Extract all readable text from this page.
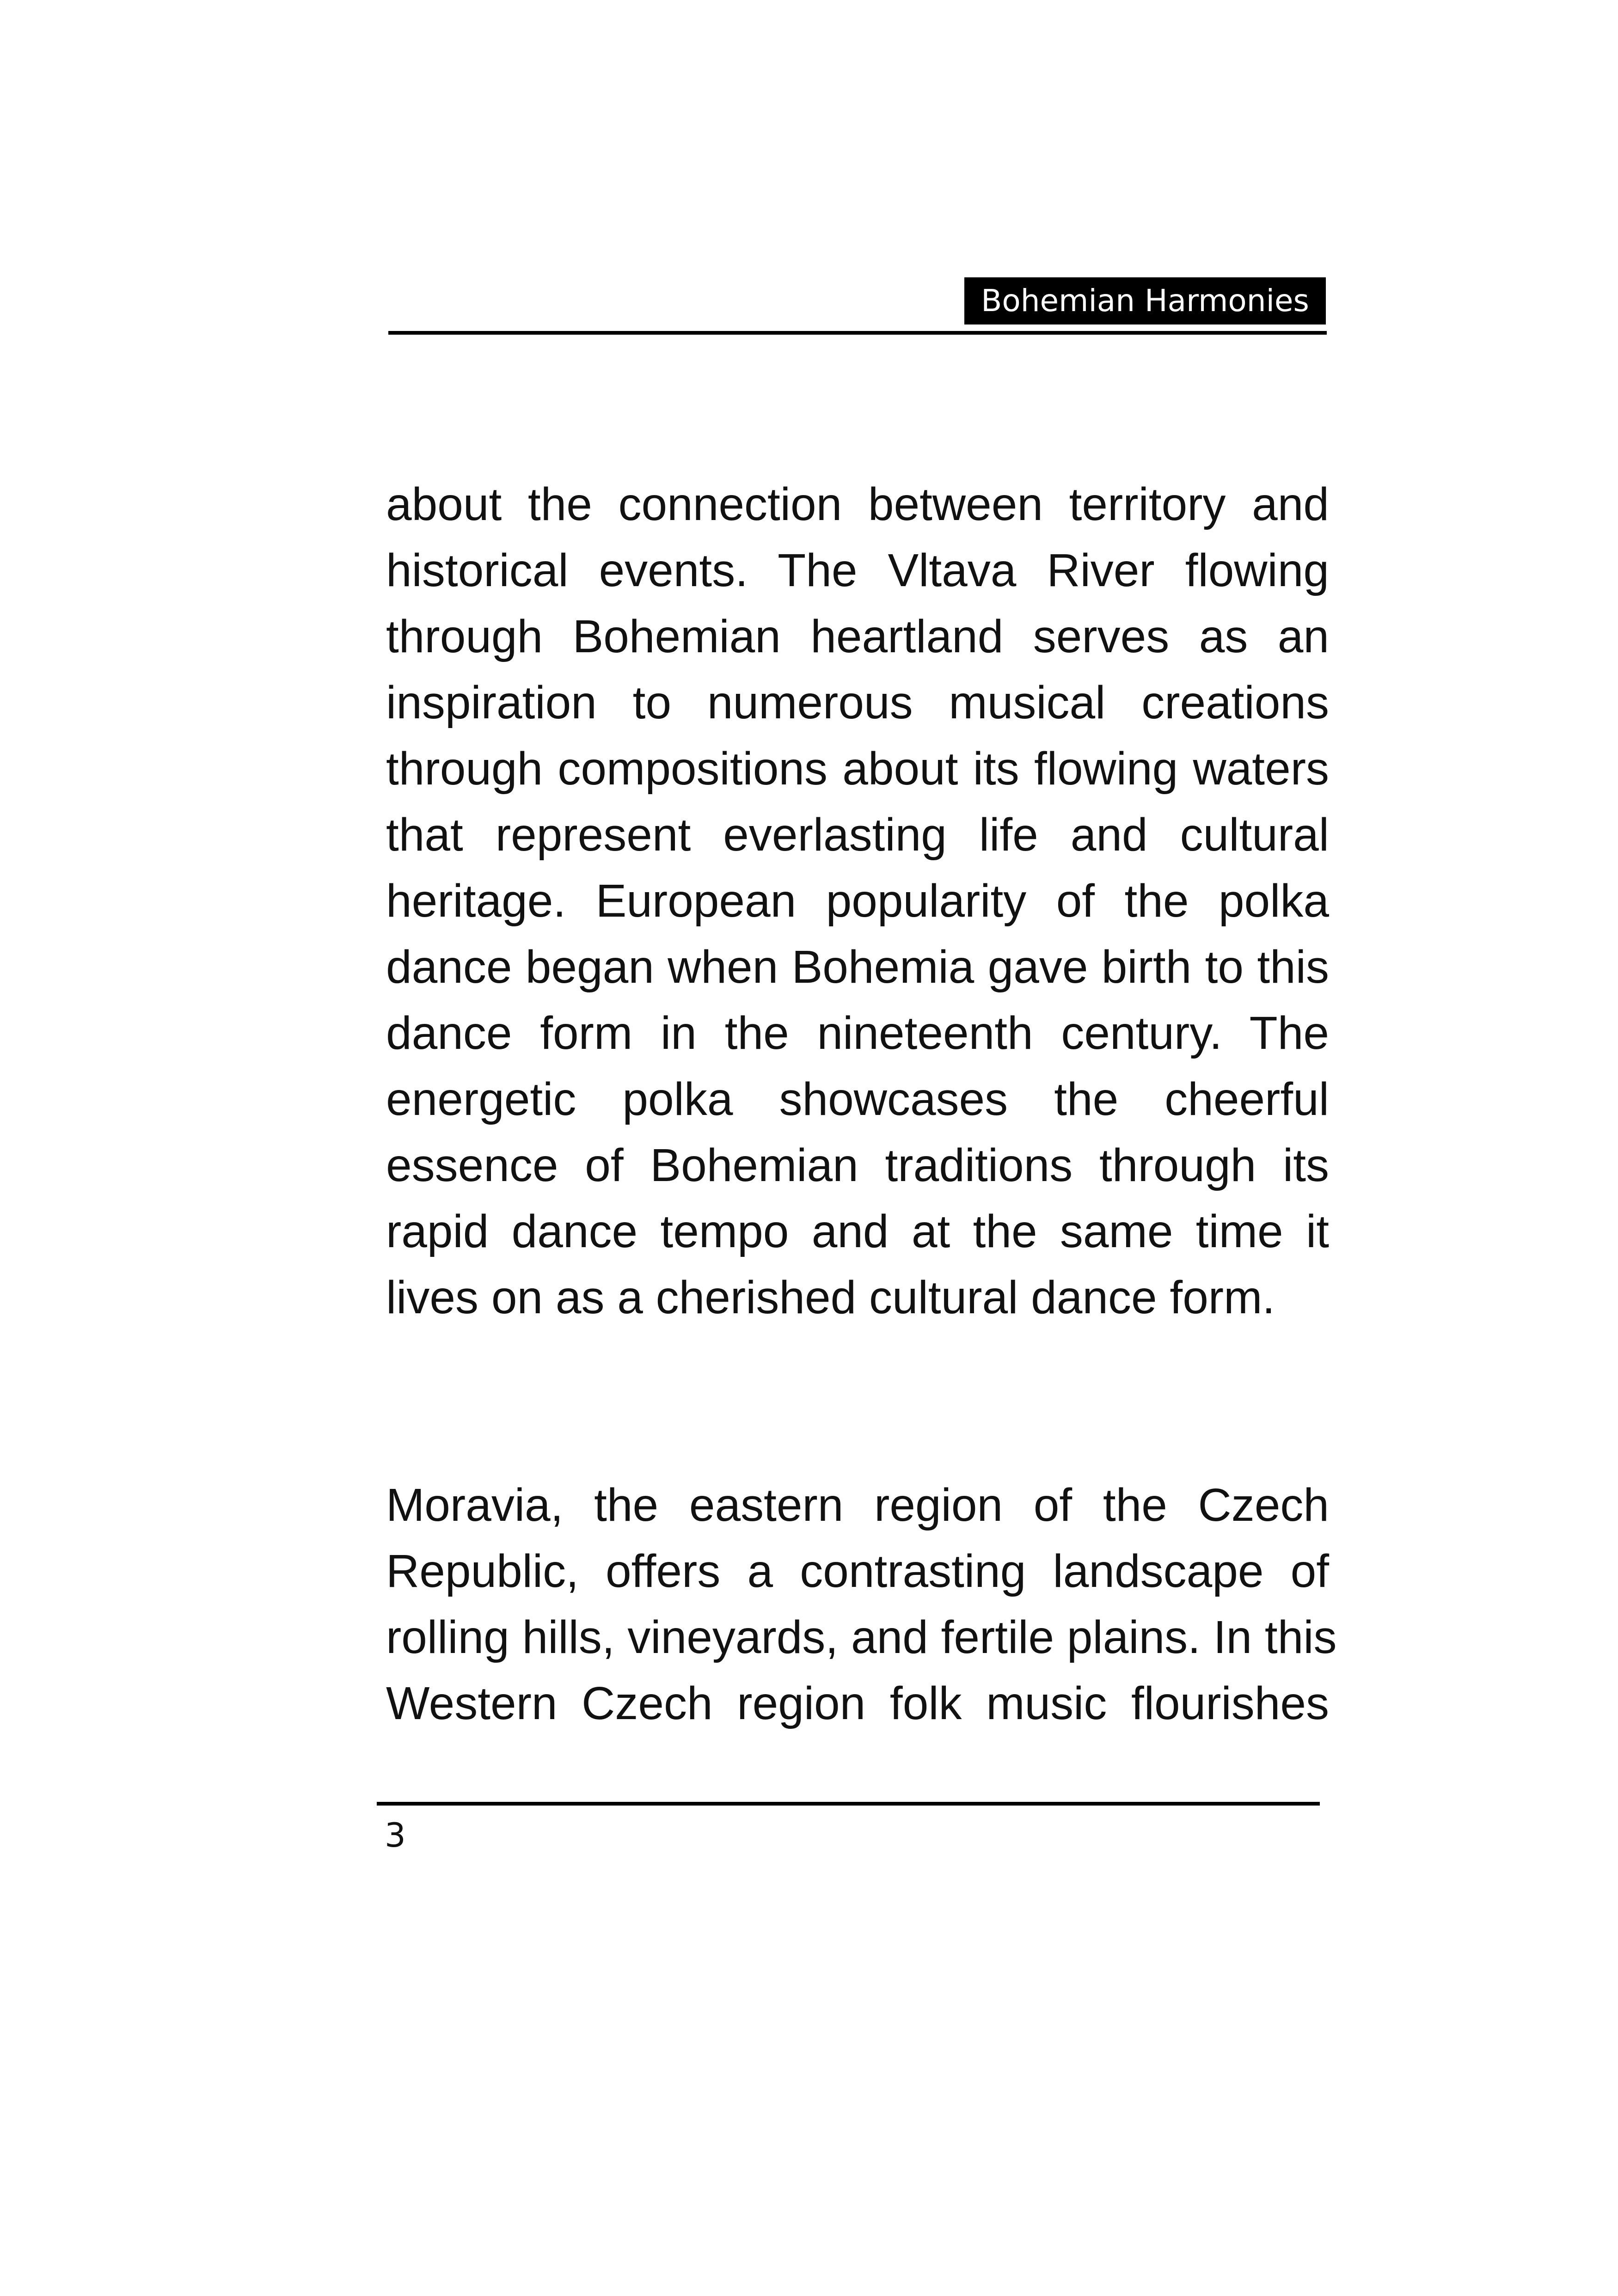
Bohemian Harmonies

about the connection between territory and
historical events. The Vltava River flowing
through Bohemian heartland serves as an
inspiration to numerous musical creations
through compositions about its flowing waters
that represent everlasting life and cultural
heritage. European popularity of the polka
dance began when Bohemia gave birth to this
dance form in the nineteenth century. The
energetic polka showcases the cheerful
essence of Bohemian traditions through its
rapid dance tempo and at the same time it
lives on as a cherished cultural dance form.

Moravia, the eastern region of the Czech
Republic, offers a contrasting landscape of
rolling hills, vineyards, and fertile plains. In this
Western Czech region folk music flourishes

3
